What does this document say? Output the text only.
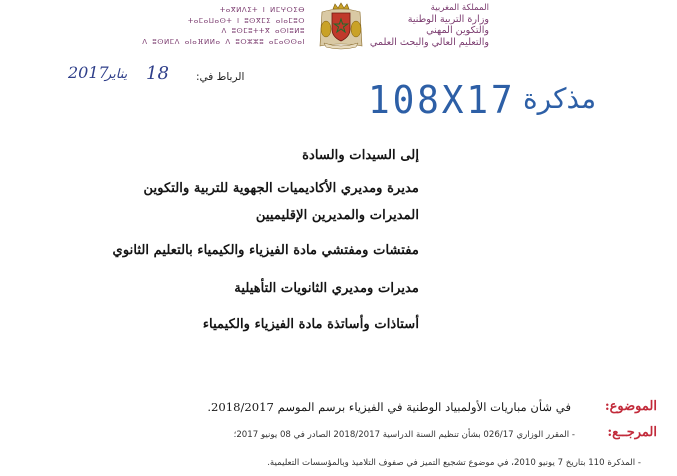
المملكة المغربية
وزارة التربية الوطنية
والتكوين المهني
والتعليم العالي والبحث العلمي
ⵜⴰⴳⵍⴷⵉⵜ ⵏ ⵍⵎⵖⵔⵉⴱ
ⵜⴰⵎⴰⵡⴰⵙⵜ ⵏ ⵓⵙⴳⵎⵉ ⴰⵏⴰⵎⵓⵔ
ⴷ ⵓⵙⵎⵓⵜⵜⴳ ⴰⵙⵏⵓⵍⵓ
ⴷ ⵓⵙⵍⵎⴷ ⴰⵏⴰⴼⵍⵍⴰ ⴷ ⵓⵔⵣⵣⵓ ⴰⵎⴰⵙⵙⴰⵏ
2017
يناير 18	الرباط في:
108X17 مذكرة
إلى السيدات والسادة
مديرة ومديري الأكاديميات الجهوية للتربية والتكوين
المديرات والمديرين الإقليميين
مفتشات ومفتشي مادة الفيزياء والكيمياء بالتعليم الثانوي
مديرات ومديري الثانويات التأهيلية
أستاذات وأساتذة مادة الفيزياء والكيمياء
الموضوع:
في شأن مباريات الأولمبياد الوطنية في الفيزياء برسم الموسم 2018/2017.
المرجــع:
- المقرر الوزاري 026/17 بشأن تنظيم السنة الدراسية 2018/2017 الصادر في 08 يونيو 2017؛
- المذكرة 110 بتاريخ 7 يونيو 2010، في موضوع تشجيع التميز في صفوف التلاميذ وبالمؤسسات التعليمية.
